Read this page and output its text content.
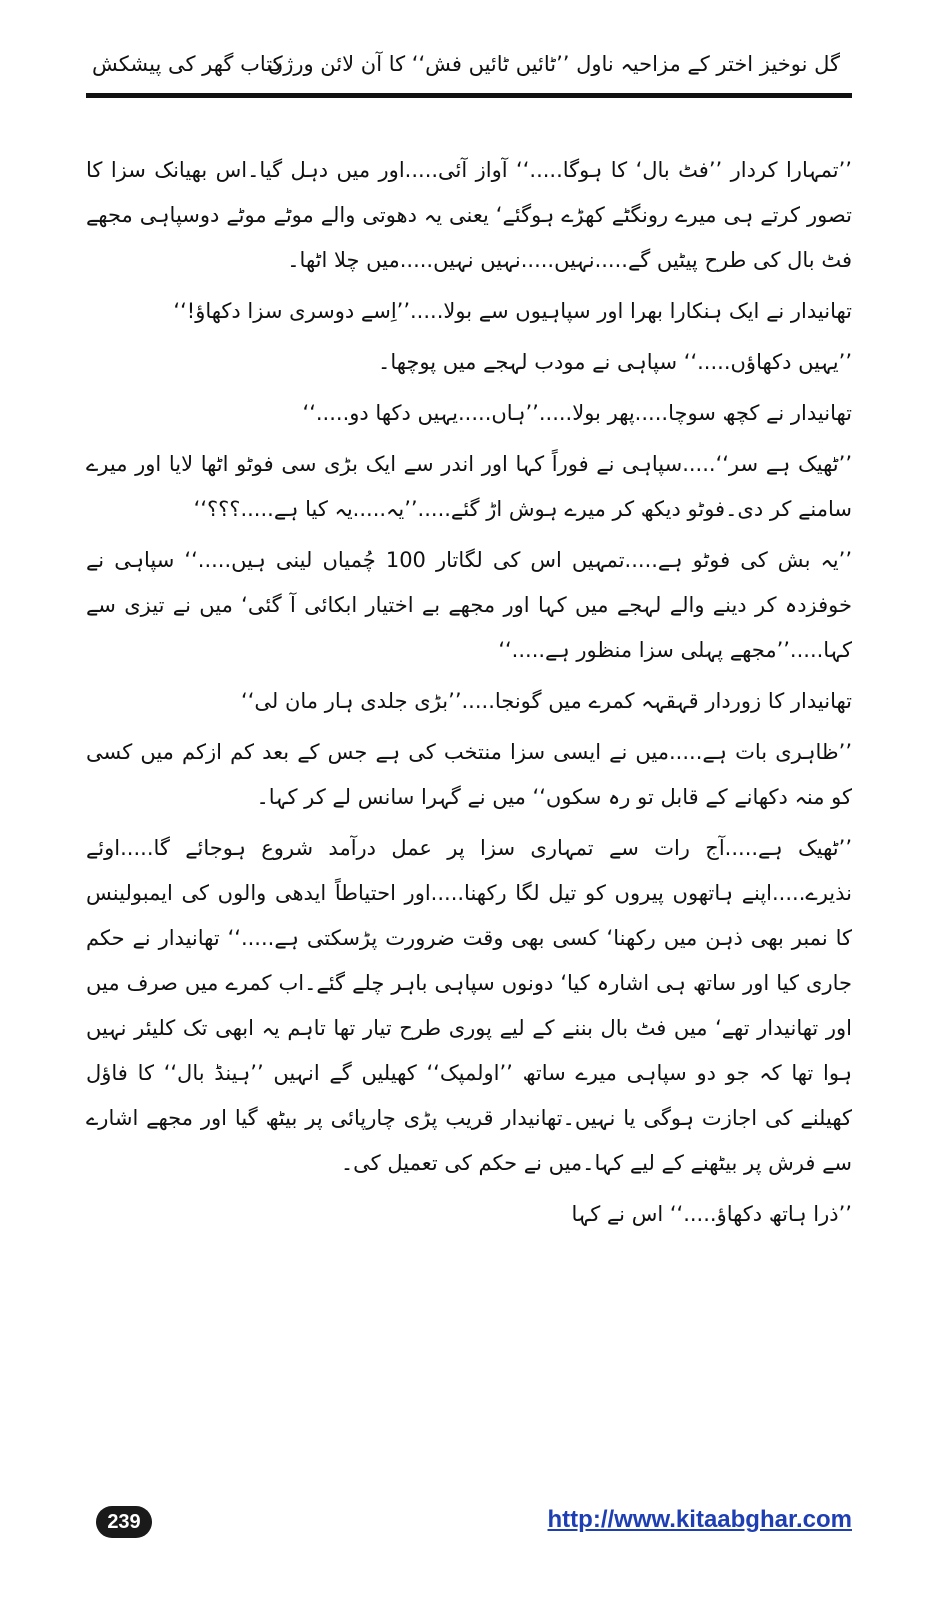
گل نوخیز اختر کے مزاحیہ ناول ’’ٹائیں ٹائیں فش‘‘ کا آن لائن ورژن
کتاب گھر کی پیشکش

’’تمہارا کردار ’’فٹ بال‘ کا ہوگا.....‘‘ آواز آئی.....اور میں دہل گیا۔اس بھیانک سزا کا تصور کرتے ہی میرے رونگٹے کھڑے ہوگئے‘ یعنی یہ دھوتی والے موٹے موٹے دوسپاہی مجھے فٹ بال کی طرح پیٹیں گے.....نہیں.....نہیں نہیں.....میں چلا اٹھا۔

تھانیدار نے ایک ہنکارا بھرا اور سپاہیوں سے بولا.....’’اِسے دوسری سزا دکھاؤ!‘‘

’’یہیں دکھاؤں.....‘‘ سپاہی نے مودب لہجے میں پوچھا۔

تھانیدار نے کچھ سوچا.....پھر بولا.....’’ہاں.....یہیں دکھا دو.....‘‘

’’ٹھیک ہے سر‘‘.....سپاہی نے فوراً کہا اور اندر سے ایک بڑی سی فوٹو اٹھا لایا اور میرے سامنے کر دی۔فوٹو دیکھ کر میرے ہوش اڑ گئے.....’’یہ.....یہ کیا ہے.....؟؟؟‘‘

’’یہ بش کی فوٹو ہے.....تمہیں اس کی لگاتار 100 چُمیاں لینی ہیں.....‘‘ سپاہی نے خوفزدہ کر دینے والے لہجے میں کہا اور مجھے بے اختیار ابکائی آ گئی‘ میں نے تیزی سے کہا.....’’مجھے پہلی سزا منظور ہے.....‘‘

تھانیدار کا زوردار قہقہہ کمرے میں گونجا.....’’بڑی جلدی ہار مان لی‘‘

’’ظاہری بات ہے.....میں نے ایسی سزا منتخب کی ہے جس کے بعد کم ازکم میں کسی کو منہ دکھانے کے قابل تو رہ سکوں‘‘ میں نے گہرا سانس لے کر کہا۔

’’ٹھیک ہے.....آج رات سے تمہاری سزا پر عمل درآمد شروع ہوجائے گا.....اوئے نذیرے.....اپنے ہاتھوں پیروں کو تیل لگا رکھنا.....اور احتیاطاً ایدھی والوں کی ایمبولینس کا نمبر بھی ذہن میں رکھنا‘ کسی بھی وقت ضرورت پڑسکتی ہے.....‘‘ تھانیدار نے حکم جاری کیا اور ساتھ ہی اشارہ کیا‘ دونوں سپاہی باہر چلے گئے۔اب کمرے میں صرف میں اور تھانیدار تھے‘ میں فٹ بال بننے کے لیے پوری طرح تیار تھا تاہم یہ ابھی تک کلیئر نہیں ہوا تھا کہ جو دو سپاہی میرے ساتھ ’’اولمپک‘‘ کھیلیں گے انہیں ’’ہینڈ بال‘‘ کا فاؤل کھیلنے کی اجازت ہوگی یا نہیں۔تھانیدار قریب پڑی چارپائی پر بیٹھ گیا اور مجھے اشارے سے فرش پر بیٹھنے کے لیے کہا۔میں نے حکم کی تعمیل کی۔

’’ذرا ہاتھ دکھاؤ.....‘‘ اس نے کہا

239	http://www.kitaabghar.com
